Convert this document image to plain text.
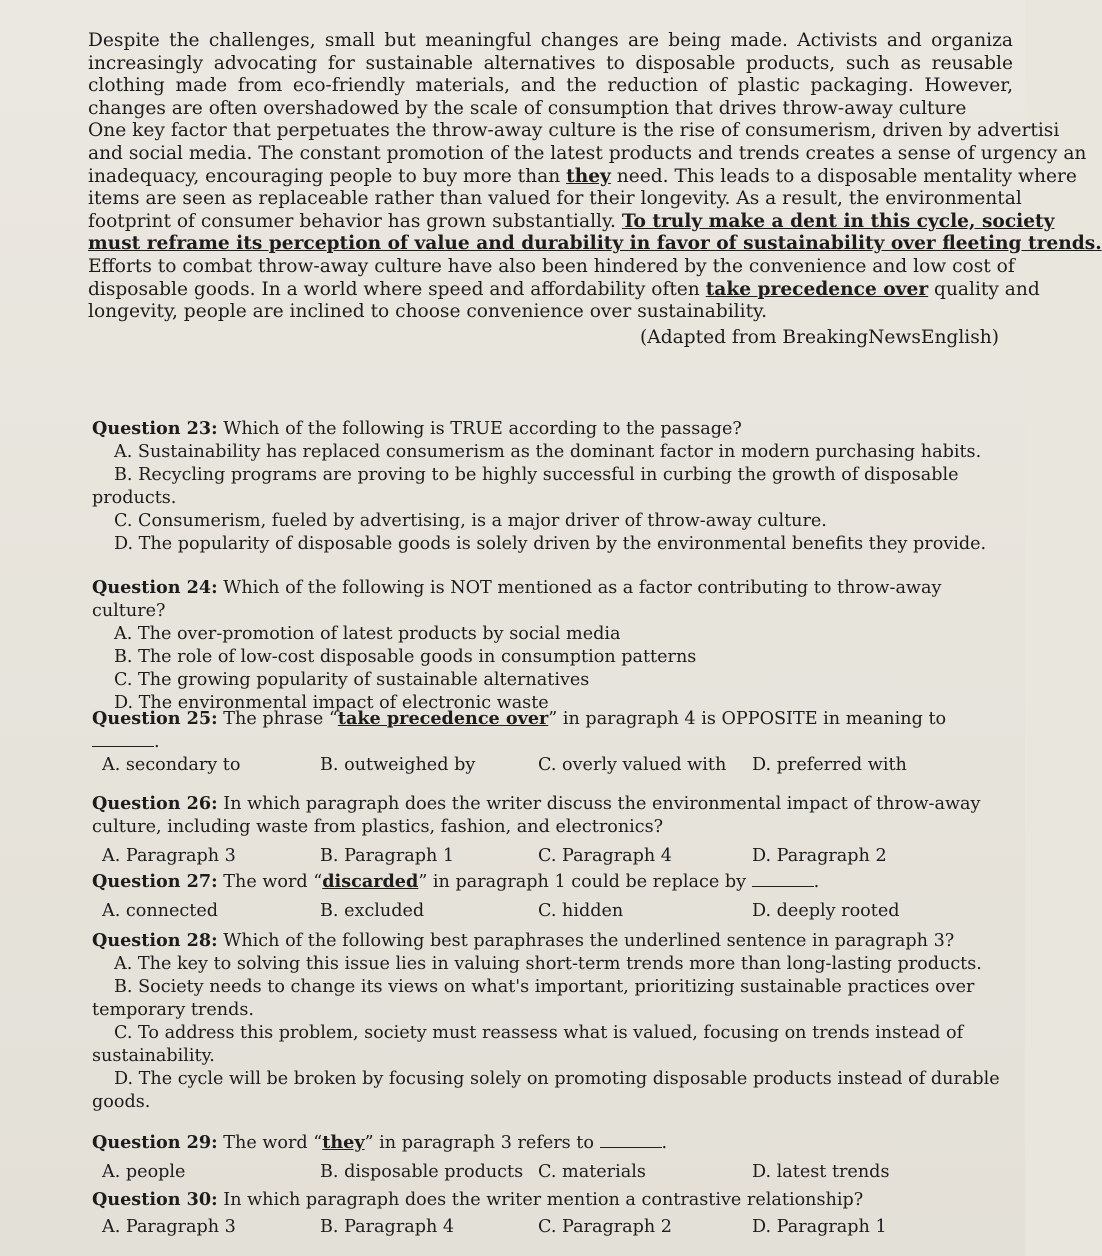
Despite the challenges, small but meaningful changes are being made. Activists and organiza
increasingly advocating for sustainable alternatives to disposable products, such as reusable
clothing made from eco-friendly materials, and the reduction of plastic packaging. However,
changes are often overshadowed by the scale of consumption that drives throw-away culture
One key factor that perpetuates the throw-away culture is the rise of consumerism, driven by advertisi
and social media. The constant promotion of the latest products and trends creates a sense of urgency an
inadequacy, encouraging people to buy more than they need. This leads to a disposable mentality where
items are seen as replaceable rather than valued for their longevity. As a result, the environmental
footprint of consumer behavior has grown substantially. To truly make a dent in this cycle, society
must reframe its perception of value and durability in favor of sustainability over fleeting trends.
Efforts to combat throw-away culture have also been hindered by the convenience and low cost of
disposable goods. In a world where speed and affordability often take precedence over quality and
longevity, people are inclined to choose convenience over sustainability.
(Adapted from BreakingNewsEnglish)
Question 23: Which of the following is TRUE according to the passage?
A. Sustainability has replaced consumerism as the dominant factor in modern purchasing habits.
B. Recycling programs are proving to be highly successful in curbing the growth of disposable
products.
C. Consumerism, fueled by advertising, is a major driver of throw-away culture.
D. The popularity of disposable goods is solely driven by the environmental benefits they provide.
Question 24: Which of the following is NOT mentioned as a factor contributing to throw-away culture?
A. The over-promotion of latest products by social media
B. The role of low-cost disposable goods in consumption patterns
C. The growing popularity of sustainable alternatives
D. The environmental impact of electronic waste
Question 25: The phrase “take precedence over” in paragraph 4 is OPPOSITE in meaning to
.
A. secondary to	B. outweighed by	C. overly valued with	D. preferred with
Question 26: In which paragraph does the writer discuss the environmental impact of throw-away
culture, including waste from plastics, fashion, and electronics?
A. Paragraph 3	B. Paragraph 1	C. Paragraph 4	D. Paragraph 2
Question 27: The word “discarded” in paragraph 1 could be replace by	.
A. connected	B. excluded	C. hidden	D. deeply rooted
Question 28: Which of the following best paraphrases the underlined sentence in paragraph 3?
A. The key to solving this issue lies in valuing short-term trends more than long-lasting products.
B. Society needs to change its views on what's important, prioritizing sustainable practices over
temporary trends.
C. To address this problem, society must reassess what is valued, focusing on trends instead of
sustainability.
D. The cycle will be broken by focusing solely on promoting disposable products instead of durable
goods.
Question 29: The word “they” in paragraph 3 refers to	.
A. people	B. disposable products C. materials	D. latest trends
Question 30: In which paragraph does the writer mention a contrastive relationship?
A. Paragraph 3	B. Paragraph 4	C. Paragraph 2	D. Paragraph 1
